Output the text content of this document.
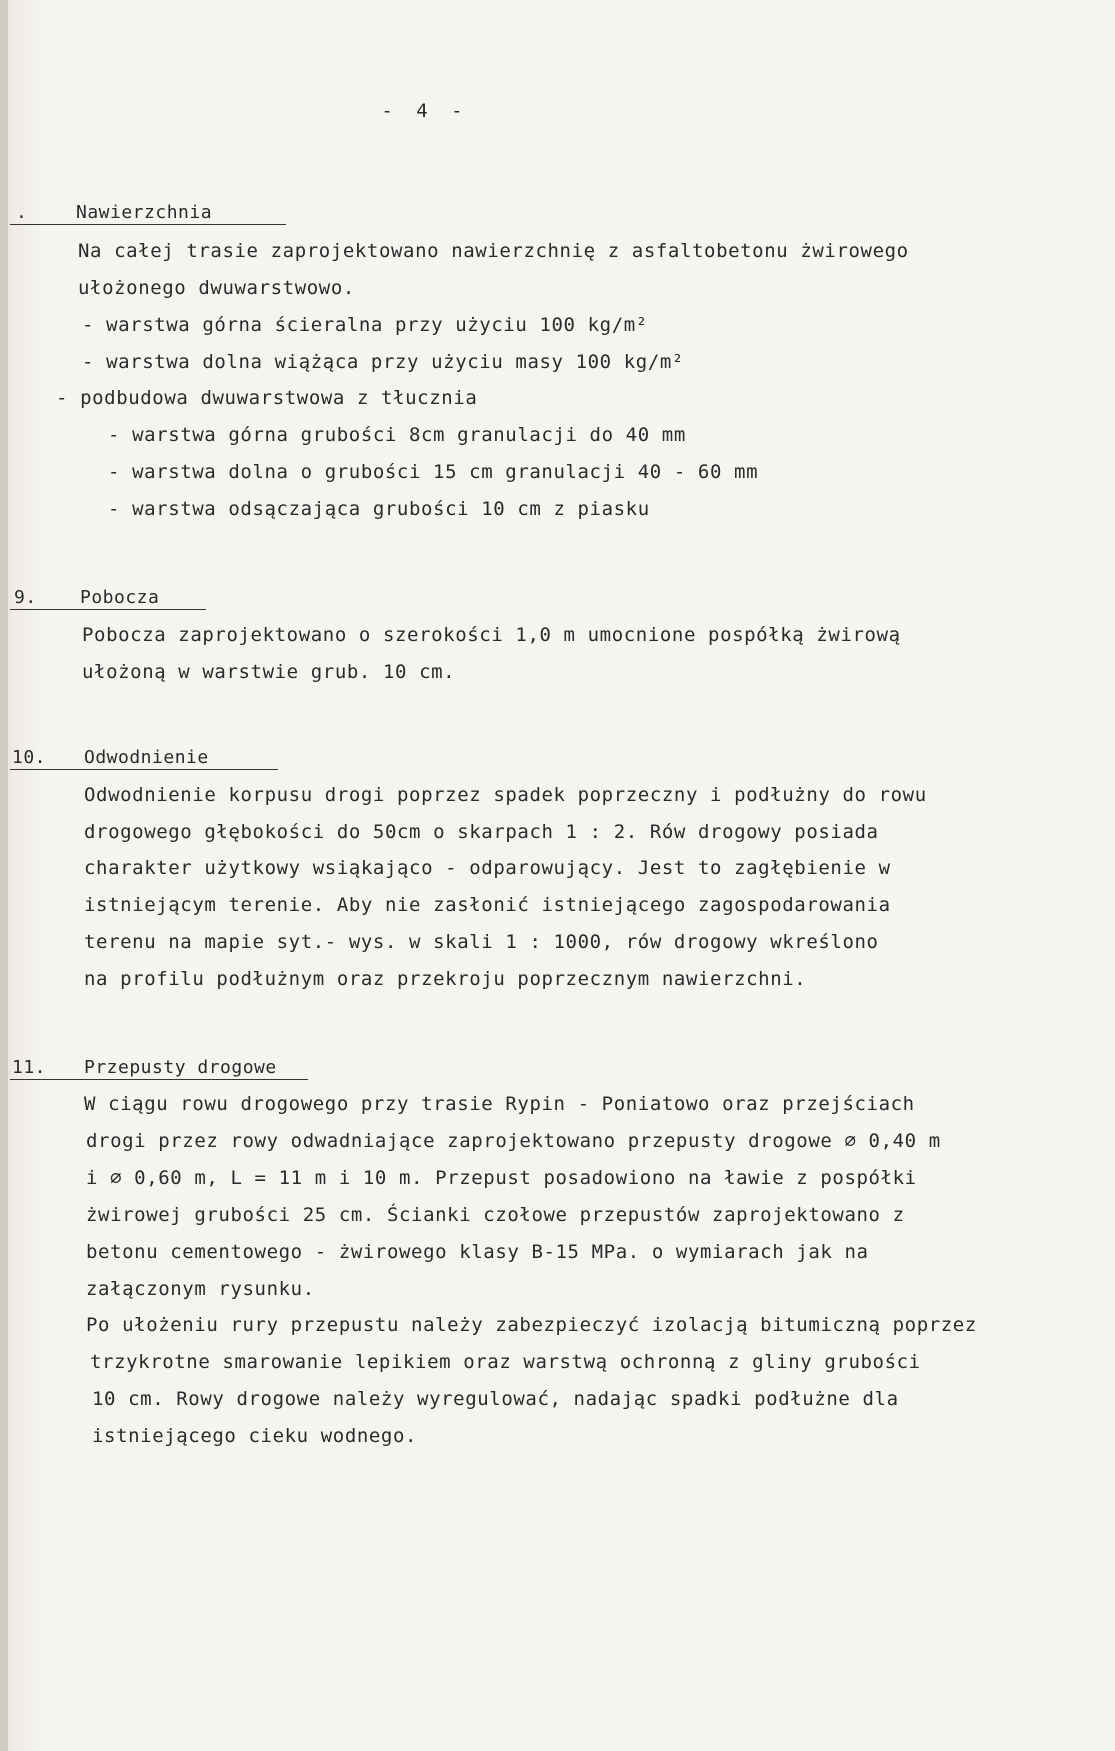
- 4 -
.	Nawierzchnia
Na całej trasie zaprojektowano nawierzchnię z asfaltobetonu żwirowego
ułożonego dwuwarstwowo.
- warstwa górna ścieralna przy użyciu 100 kg/m²
- warstwa dolna wiążąca przy użyciu masy 100 kg/m²
- podbudowa dwuwarstwowa z tłucznia
- warstwa górna grubości 8cm granulacji do 40 mm
- warstwa dolna o grubości 15 cm granulacji 40 - 60 mm
- warstwa odsączająca grubości 10 cm z piasku
9. Pobocza
Pobocza zaprojektowano o szerokości 1,0 m umocnione pospółką żwirową
ułożoną w warstwie grub. 10 cm.
10. Odwodnienie
Odwodnienie korpusu drogi poprzez spadek poprzeczny i podłużny do rowu
drogowego głębokości do 50cm o skarpach 1 : 2. Rów drogowy posiada
charakter użytkowy wsiąkająco - odparowujący. Jest to zagłębienie w
istniejącym terenie. Aby nie zasłonić istniejącego zagospodarowania
terenu na mapie syt.- wys. w skali 1 : 1000, rów drogowy wkreślono
na profilu podłużnym oraz przekroju poprzecznym nawierzchni.
11. Przepusty drogowe
W ciągu rowu drogowego przy trasie Rypin - Poniatowo oraz przejściach
drogi przez rowy odwadniające zaprojektowano przepusty drogowe ⌀ 0,40 m
i ⌀ 0,60 m, L = 11 m i 10 m. Przepust posadowiono na ławie z pospółki
żwirowej grubości 25 cm. Ścianki czołowe przepustów zaprojektowano z
betonu cementowego - żwirowego klasy B-15 MPa. o wymiarach jak na
załączonym rysunku.
Po ułożeniu rury przepustu należy zabezpieczyć izolacją bitumiczną poprzez
trzykrotne smarowanie lepikiem oraz warstwą ochronną z gliny grubości
10 cm. Rowy drogowe należy wyregulować, nadając spadki podłużne dla
istniejącego cieku wodnego.
